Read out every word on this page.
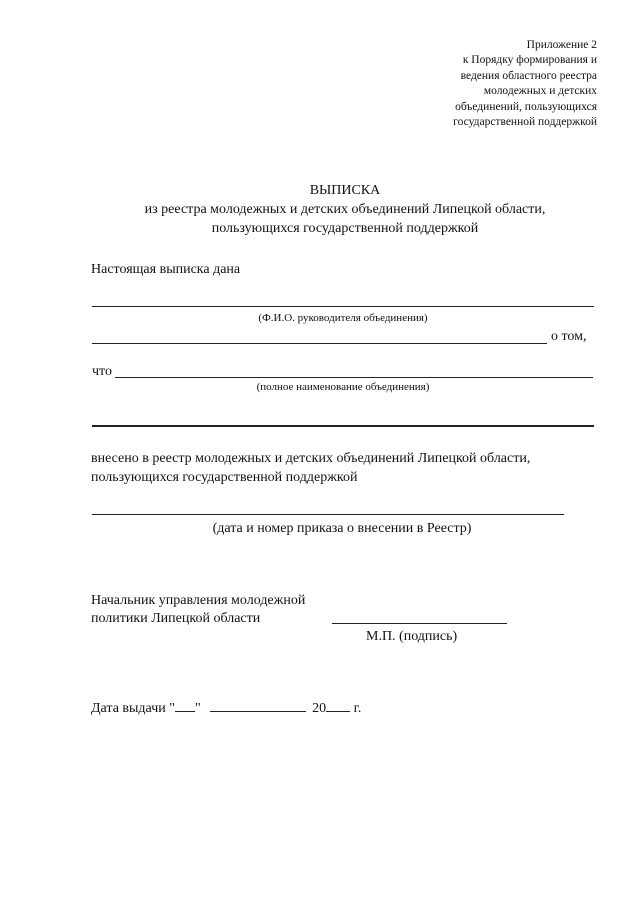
Приложение 2
к Порядку формирования и
ведения областного реестра
молодежных и детских
объединений, пользующихся
государственной поддержкой
ВЫПИСКА
из реестра молодежных и детских объединений Липецкой области,
пользующихся государственной поддержкой
Настоящая выписка дана
(Ф.И.О. руководителя объединения)
о том,
что
(полное наименование объединения)
внесено в реестр молодежных и детских объединений Липецкой области,
пользующихся государственной поддержкой
(дата и номер приказа о внесении в Реестр)
Начальник управления молодежной
политики Липецкой области
М.П. (подпись)
Дата выдачи " "	20 г.
